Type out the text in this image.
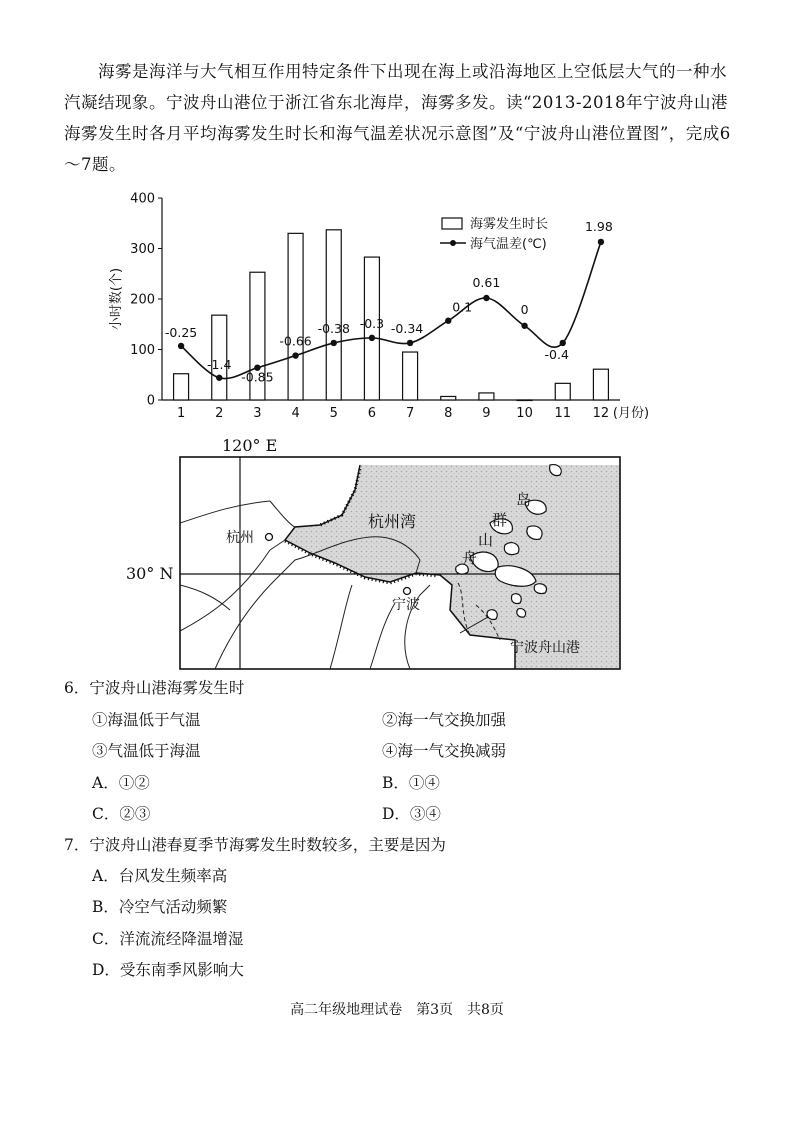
海雾是海洋与大气相互作用特定条件下出现在海上或沿海地区上空低层大气的一种水汽凝结现象。宁波舟山港位于浙江省东北海岸，海雾多发。读“2013-2018年宁波舟山港海雾发生时各月平均海雾发生时长和海气温差状况示意图”及“宁波舟山港位置图”，完成6～7题。

400
300
200
100
0
小时数(个)
1 2 3 4 5 6 7 8 9 10 11 12 (月份)
-0.25
-1.4
-0.85
-0.66
-0.38 -0.3 -0.34
0.1
0.61
0
-0.4
1.98
海雾发生时长
海气温差(℃)
120° E
30° N
杭州
杭州湾
宁波
宁波舟山港
群
山
舟
岛

6．宁波舟山港海雾发生时

①海温低于气温	②海一气交换加强

③气温低于海温	④海一气交换减弱

A．①②	B．①④

C．②③	D．③④

7．宁波舟山港春夏季节海雾发生时数较多，主要是因为

A．台风发生频率高

B．冷空气活动频繁

C．洋流流经降温增湿

D．受东南季风影响大

高二年级地理试卷　第3页　共8页
